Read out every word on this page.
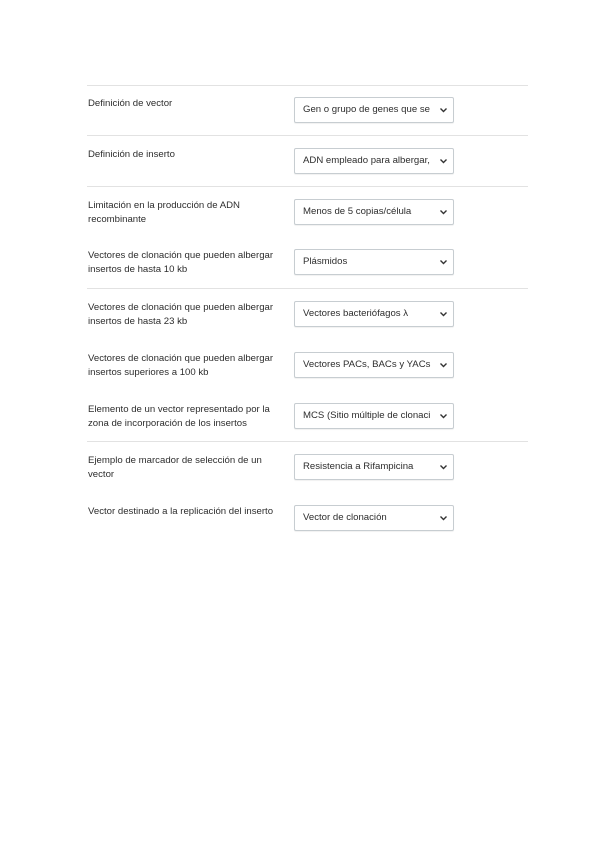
Definición de vector
Gen o grupo de genes que se
Definición de inserto
ADN empleado para albergar,
Limitación en la producción de ADN recombinante
Menos de 5 copias/célula
Vectores de clonación que pueden albergar insertos de hasta 10 kb
Plásmidos
Vectores de clonación que pueden albergar insertos de hasta 23 kb
Vectores bacteriófagos λ
Vectores de clonación que pueden albergar insertos superiores a 100 kb
Vectores PACs, BACs y YACs
Elemento de un vector representado por la zona de incorporación de los insertos
MCS (Sitio múltiple de clonaci
Ejemplo de marcador de selección de un vector
Resistencia a Rifampicina
Vector destinado a la replicación del inserto
Vector de clonación
